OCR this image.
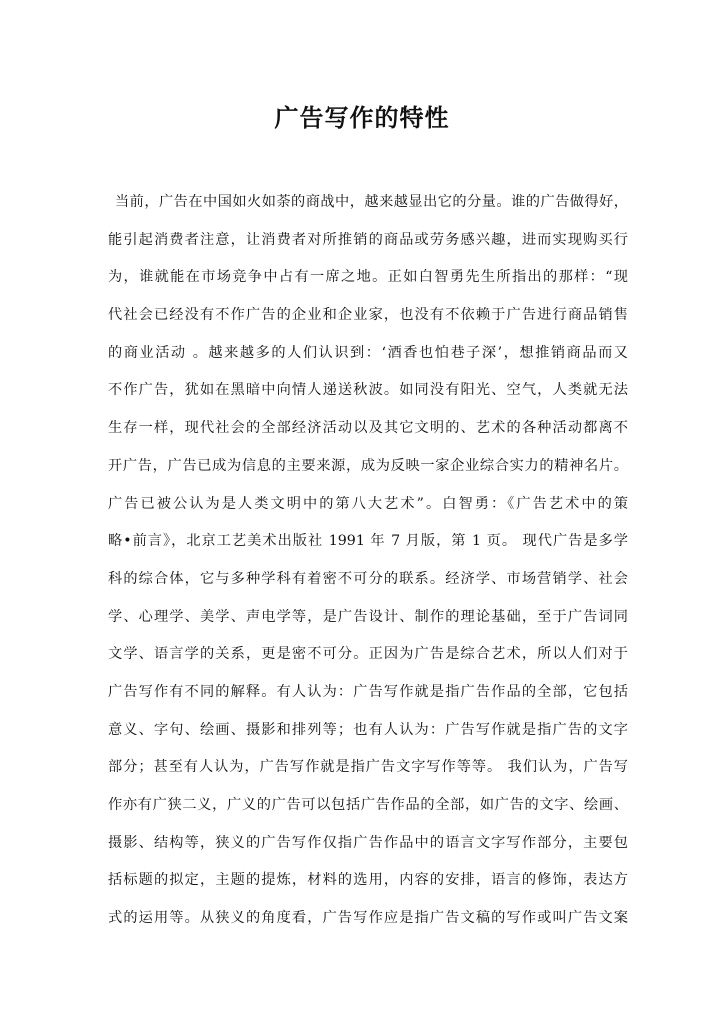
广告写作的特性
当前，广告在中国如火如荼的商战中，越来越显出它的分量。谁的广告做得好，
能引起消费者注意，让消费者对所推销的商品或劳务感兴趣，进而实现购买行
为，谁就能在市场竞争中占有一席之地。正如白智勇先生所指出的那样：“现
代社会已经没有不作广告的企业和企业家，也没有不依赖于广告进行商品销售
的商业活动 。越来越多的人们认识到：‘酒香也怕巷子深’，想推销商品而又
不作广告，犹如在黑暗中向情人递送秋波。如同没有阳光、空气，人类就无法
生存一样，现代社会的全部经济活动以及其它文明的、艺术的各种活动都离不
开广告，广告已成为信息的主要来源，成为反映一家企业综合实力的精神名片。
广告已被公认为是人类文明中的第八大艺术”。白智勇：《广告艺术中的策
略•前言》，北京工艺美术出版社 1991 年 7 月版，第 1 页。 现代广告是多学
科的综合体，它与多种学科有着密不可分的联系。经济学、市场营销学、社会
学、心理学、美学、声电学等，是广告设计、制作的理论基础，至于广告词同
文学、语言学的关系，更是密不可分。正因为广告是综合艺术，所以人们对于
广告写作有不同的解释。有人认为：广告写作就是指广告作品的全部，它包括
意义、字句、绘画、摄影和排列等；也有人认为：广告写作就是指广告的文字
部分；甚至有人认为，广告写作就是指广告文字写作等等。 我们认为，广告写
作亦有广狭二义，广义的广告可以包括广告作品的全部，如广告的文字、绘画、
摄影、结构等，狭义的广告写作仅指广告作品中的语言文字写作部分，主要包
括标题的拟定，主题的提炼，材料的选用，内容的安排，语言的修饰，表达方
式的运用等。从狭义的角度看，广告写作应是指广告文稿的写作或叫广告文案
